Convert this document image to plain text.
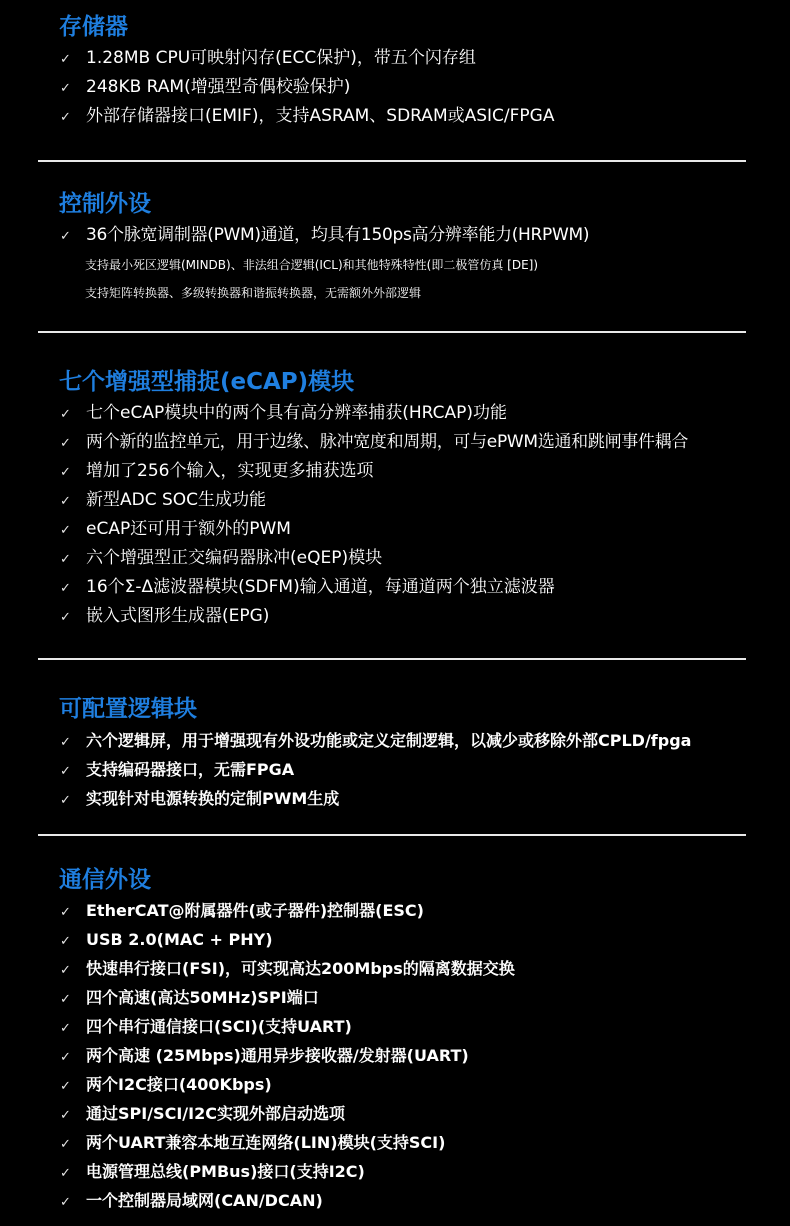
存储器
✓ 1.28MB CPU可映射闪存(ECC保护)，带五个闪存组
✓ 248KB RAM(增强型奇偶校验保护)
✓ 外部存储器接口(EMIF)，支持ASRAM、SDRAM或ASIC/FPGA
控制外设
✓ 36个脉宽调制器(PWM)通道，均具有150ps高分辨率能力(HRPWM)
支持最小死区逻辑(MINDB)、非法组合逻辑(ICL)和其他特殊特性(即二极管仿真 [DE])
支持矩阵转换器、多级转换器和谐振转换器，无需额外外部逻辑
七个增强型捕捉(eCAP)模块
✓ 七个eCAP模块中的两个具有高分辨率捕获(HRCAP)功能
✓ 两个新的监控单元，用于边缘、脉冲宽度和周期，可与ePWM选通和跳闸事件耦合
✓ 增加了256个输入，实现更多捕获选项
✓ 新型ADC SOC生成功能
✓ eCAP还可用于额外的PWM
✓ 六个增强型正交编码器脉冲(eQEP)模块
✓ 16个Σ-Δ滤波器模块(SDFM)输入通道，每通道两个独立滤波器
✓ 嵌入式图形生成器(EPG)
可配置逻辑块
✓ 六个逻辑屏，用于增强现有外设功能或定义定制逻辑，以减少或移除外部CPLD/fpga
✓ 支持编码器接口，无需FPGA
✓ 实现针对电源转换的定制PWM生成
通信外设
✓ EtherCAT@附属器件(或子器件)控制器(ESC)
✓ USB 2.0(MAC + PHY)
✓ 快速串行接口(FSI)，可实现高达200Mbps的隔离数据交换
✓ 四个高速(高达50MHz)SPI端口
✓ 四个串行通信接口(SCI)(支持UART)
✓ 两个高速 (25Mbps)通用异步接收器/发射器(UART)
✓ 两个I2C接口(400Kbps)
✓ 通过SPI/SCI/I2C实现外部启动选项
✓ 两个UART兼容本地互连网络(LIN)模块(支持SCI)
✓ 电源管理总线(PMBus)接口(支持I2C)
✓ 一个控制器局域网(CAN/DCAN)
